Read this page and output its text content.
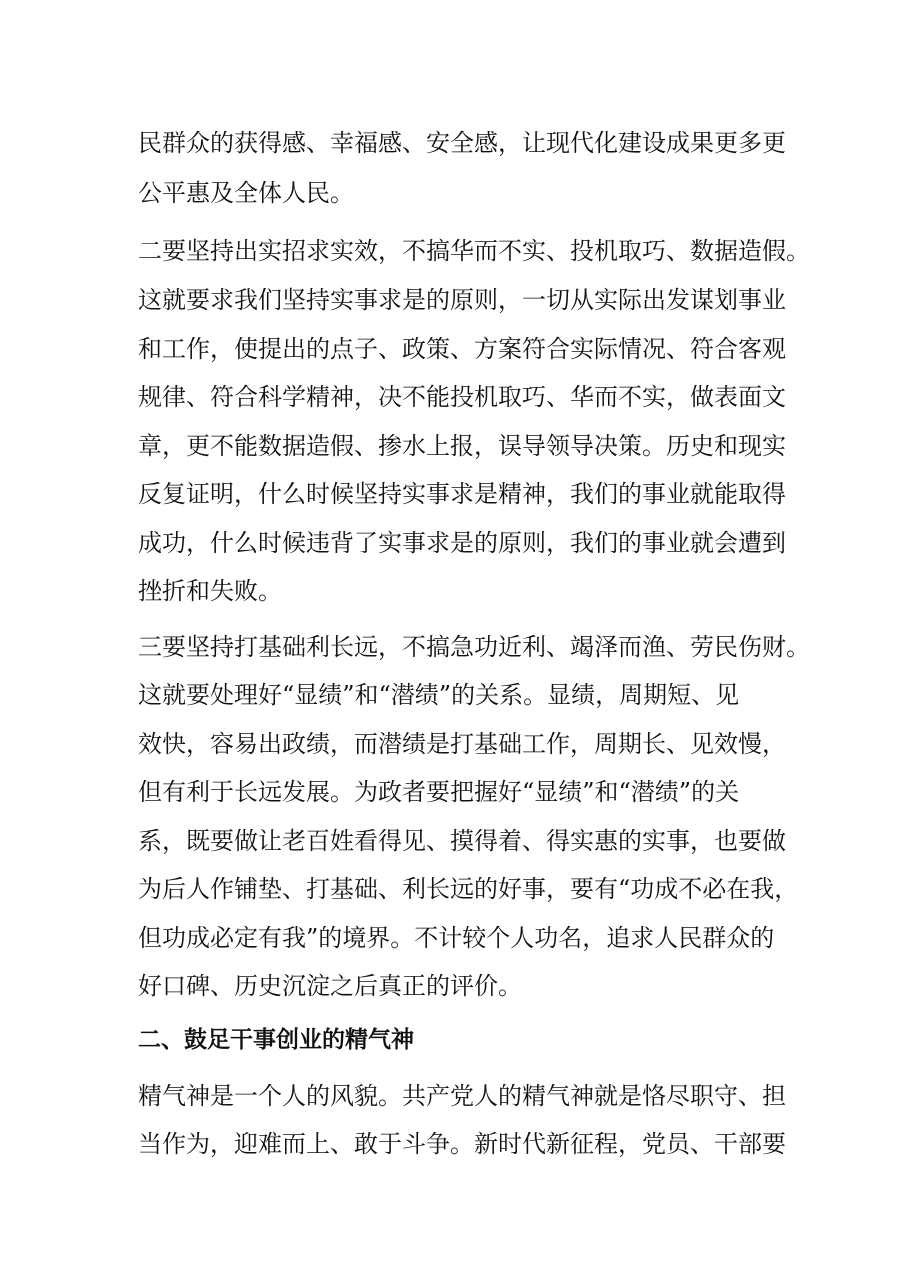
民群众的获得感、幸福感、安全感，让现代化建设成果更多更
公平惠及全体人民。
二要坚持出实招求实效，不搞华而不实、投机取巧、数据造假。
这就要求我们坚持实事求是的原则，一切从实际出发谋划事业
和工作，使提出的点子、政策、方案符合实际情况、符合客观
规律、符合科学精神，决不能投机取巧、华而不实，做表面文
章，更不能数据造假、掺水上报，误导领导决策。历史和现实
反复证明，什么时候坚持实事求是精神，我们的事业就能取得
成功，什么时候违背了实事求是的原则，我们的事业就会遭到
挫折和失败。
三要坚持打基础利长远，不搞急功近利、竭泽而渔、劳民伤财。
这就要处理好“显绩”和“潜绩”的关系。显绩，周期短、见
效快，容易出政绩，而潜绩是打基础工作，周期长、见效慢，
但有利于长远发展。为政者要把握好“显绩”和“潜绩”的关
系，既要做让老百姓看得见、摸得着、得实惠的实事，也要做
为后人作铺垫、打基础、利长远的好事，要有“功成不必在我，
但功成必定有我”的境界。不计较个人功名，追求人民群众的
好口碑、历史沉淀之后真正的评价。
二、鼓足干事创业的精气神
精气神是一个人的风貌。共产党人的精气神就是恪尽职守、担
当作为，迎难而上、敢于斗争。新时代新征程，党员、干部要
